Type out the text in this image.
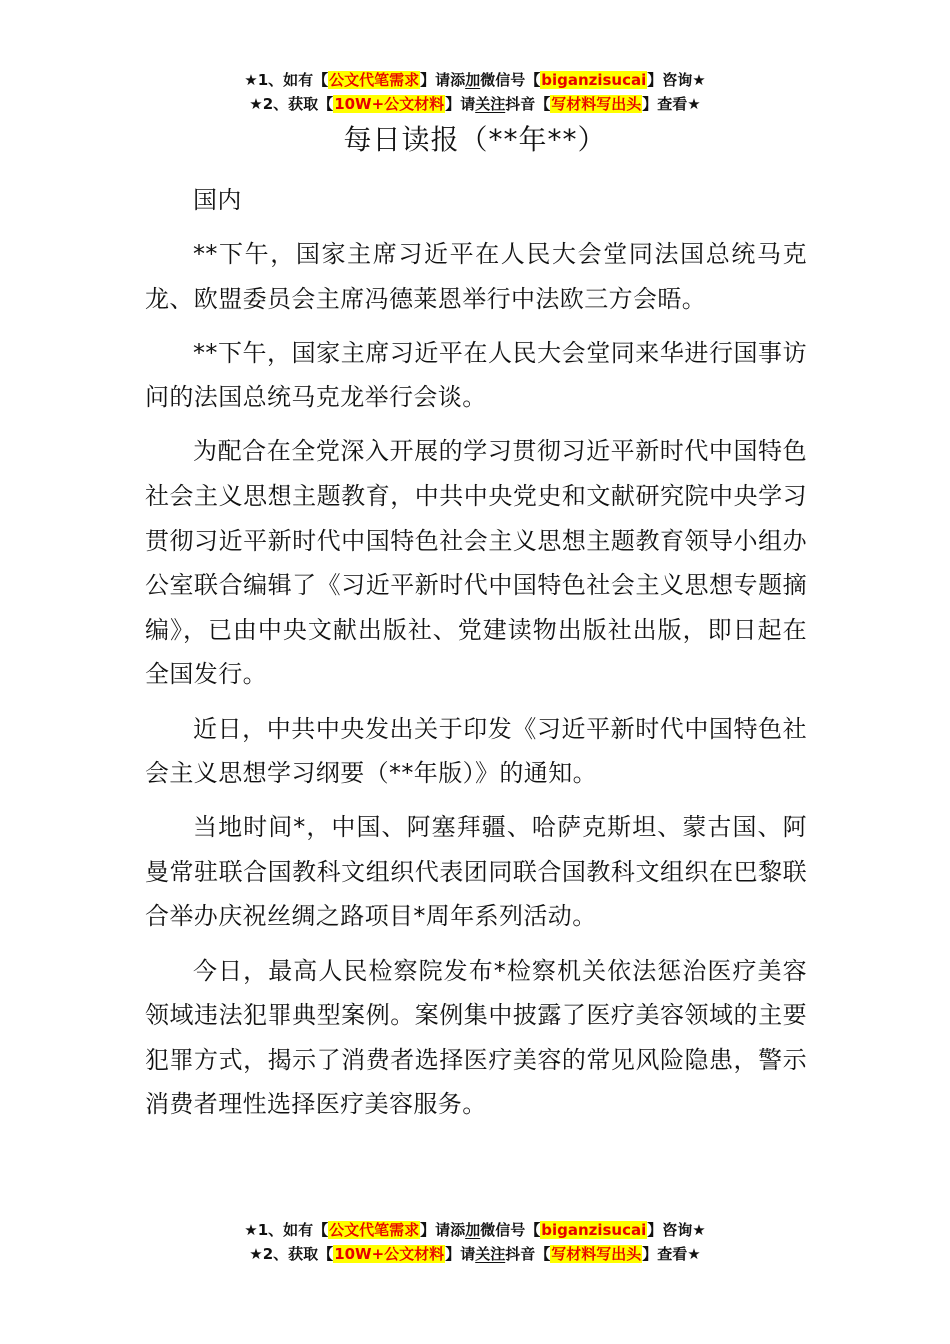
★1、如有【公文代笔需求】请添加微信号【biganzisucai】咨询★
★2、获取【10W+公文材料】请关注抖音【写材料写出头】查看★
每日读报（**年**）

国内

**下午，国家主席习近平在人民大会堂同法国总统马克龙、欧盟委员会主席冯德莱恩举行中法欧三方会晤。

**下午，国家主席习近平在人民大会堂同来华进行国事访问的法国总统马克龙举行会谈。

为配合在全党深入开展的学习贯彻习近平新时代中国特色社会主义思想主题教育，中共中央党史和文献研究院中央学习贯彻习近平新时代中国特色社会主义思想主题教育领导小组办公室联合编辑了《习近平新时代中国特色社会主义思想专题摘编》，已由中央文献出版社、党建读物出版社出版，即日起在全国发行。

近日，中共中央发出关于印发《习近平新时代中国特色社会主义思想学习纲要（**年版）》的通知。

当地时间*，中国、阿塞拜疆、哈萨克斯坦、蒙古国、阿曼常驻联合国教科文组织代表团同联合国教科文组织在巴黎联合举办庆祝丝绸之路项目*周年系列活动。

今日，最高人民检察院发布*检察机关依法惩治医疗美容领域违法犯罪典型案例。案例集中披露了医疗美容领域的主要犯罪方式，揭示了消费者选择医疗美容的常见风险隐患，警示消费者理性选择医疗美容服务。

★1、如有【公文代笔需求】请添加微信号【biganzisucai】咨询★
★2、获取【10W+公文材料】请关注抖音【写材料写出头】查看★
